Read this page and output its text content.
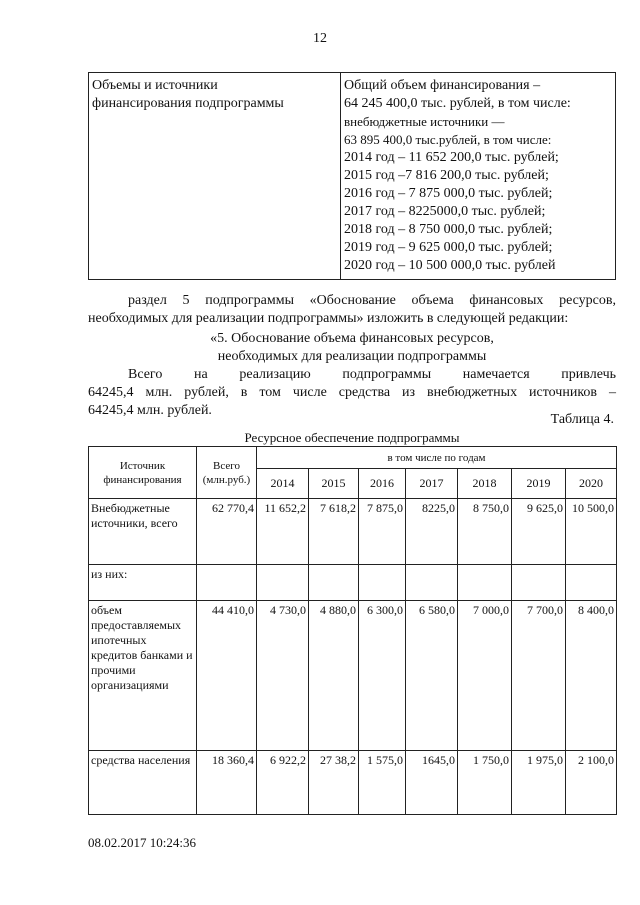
12
Объемы и источники
финансирования подпрограммы

Общий объем финансирования –
64 245 400,0 тыс. рублей, в том числе:
внебюджетные источники —
63 895 400,0 тыс.рублей, в том числе:
2014 год – 11 652 200,0 тыс. рублей;
2015 год –7 816 200,0 тыс. рублей;
2016 год – 7 875 000,0 тыс. рублей;
2017 год – 8225000,0 тыс. рублей;
2018 год – 8 750 000,0 тыс. рублей;
2019 год – 9 625 000,0 тыс. рублей;
2020 год – 10 500 000,0 тыс. рублей
раздел 5 подпрограммы «Обоснование объема финансовых ресурсов,
необходимых для реализации подпрограммы» изложить в следующей редакции:
«5. Обоснование объема финансовых ресурсов,
необходимых для реализации подпрограммы
Всего на реализацию подпрограммы намечается привлечь
64245,4 млн. рублей, в том числе средства из внебюджетных источников –
64245,4 млн. рублей.
Таблица 4.
Ресурсное обеспечение подпрограммы
Источник финансирования	Всего (млн.руб.)	в том числе по годам						
		2014	2015	2016	2017	2018	2019	2020
Внебюджетные источники, всего	62 770,4	11 652,2	7 618,2	7 875,0	8225,0	8 750,0	9 625,0	10 500,0
из них:								
объем предоставляемых ипотечных кредитов банками и прочими организациями	44 410,0	4 730,0	4 880,0	6 300,0	6 580,0	7 000,0	7 700,0	8 400,0
средства населения	18 360,4	6 922,2	27 38,2	1 575,0	1645,0	1 750,0	1 975,0	2 100,0
08.02.2017 10:24:36
